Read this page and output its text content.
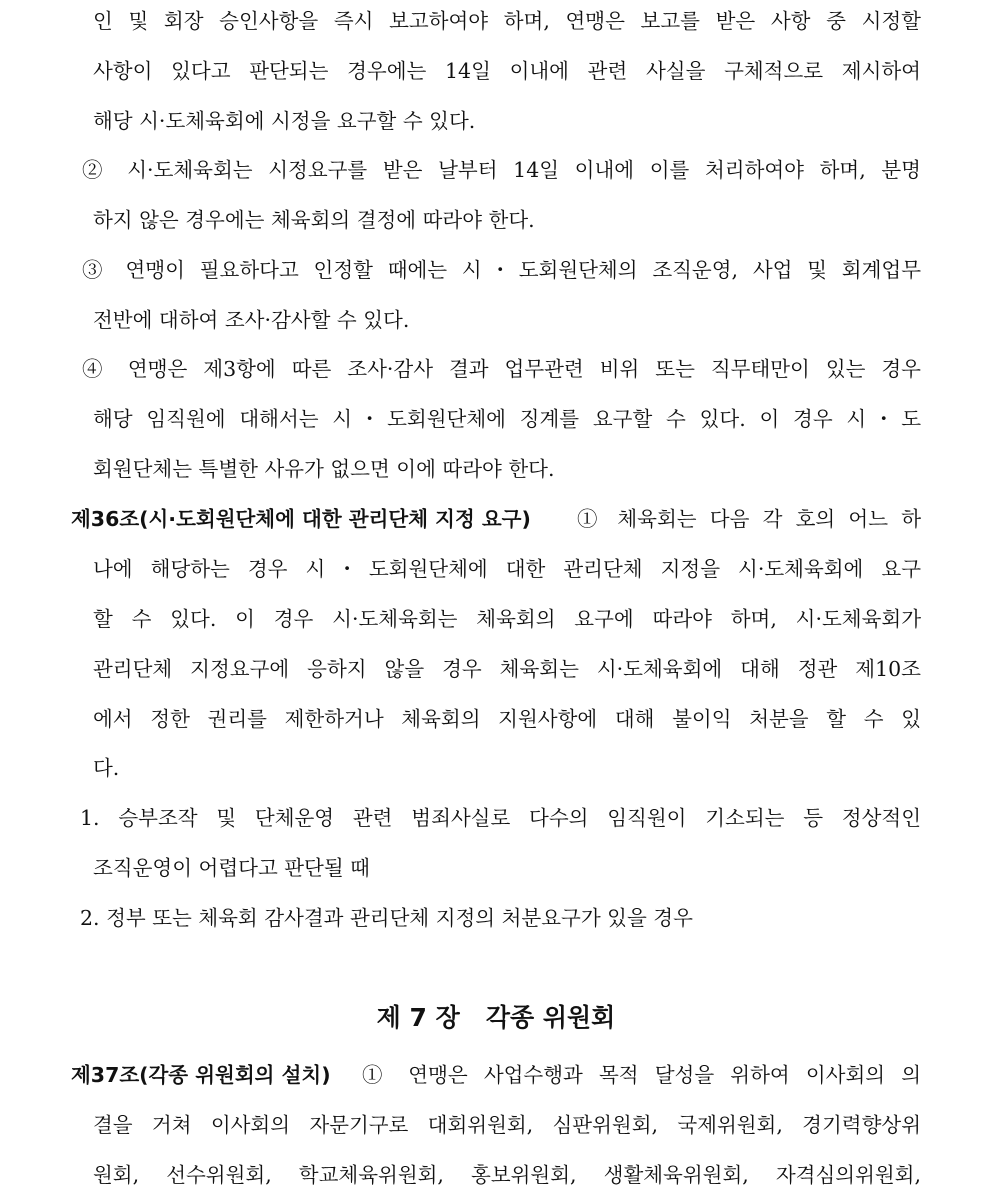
인 및 회장 승인사항을 즉시 보고하여야 하며, 연맹은 보고를 받은 사항 중 시정할
사항이 있다고 판단되는 경우에는 14일 이내에 관련 사실을 구체적으로 제시하여
해당 시·도체육회에 시정을 요구할 수 있다.
② 시·도체육회는 시정요구를 받은 날부터 14일 이내에 이를 처리하여야 하며, 분명
하지 않은 경우에는 체육회의 결정에 따라야 한다.
③ 연맹이 필요하다고 인정할 때에는 시・도회원단체의 조직운영, 사업 및 회계업무
전반에 대하여 조사·감사할 수 있다.
④ 연맹은 제3항에 따른 조사·감사 결과 업무관련 비위 또는 직무태만이 있는 경우
해당 임직원에 대해서는 시・도회원단체에 징계를 요구할 수 있다. 이 경우 시・도
회원단체는 특별한 사유가 없으면 이에 따라야 한다.
제36조(시·도회원단체에 대한 관리단체 지정 요구) ① 체육회는 다음 각 호의 어느 하
나에 해당하는 경우 시・도회원단체에 대한 관리단체 지정을 시·도체육회에 요구
할 수 있다. 이 경우 시·도체육회는 체육회의 요구에 따라야 하며, 시·도체육회가
관리단체 지정요구에 응하지 않을 경우 체육회는 시·도체육회에 대해 정관 제10조
에서 정한 권리를 제한하거나 체육회의 지원사항에 대해 불이익 처분을 할 수 있
다.
1. 승부조작 및 단체운영 관련 범죄사실로 다수의 임직원이 기소되는 등 정상적인
조직운영이 어렵다고 판단될 때
2. 정부 또는 체육회 감사결과 관리단체 지정의 처분요구가 있을 경우
제 7 장   각종 위원회
제37조(각종 위원회의 설치) ① 연맹은 사업수행과 목적 달성을 위하여 이사회의 의
결을 거쳐 이사회의 자문기구로 대회위원회, 심판위원회, 국제위원회, 경기력향상위
원회, 선수위원회, 학교체육위원회, 홍보위원회, 생활체육위원회, 자격심의위원회,
